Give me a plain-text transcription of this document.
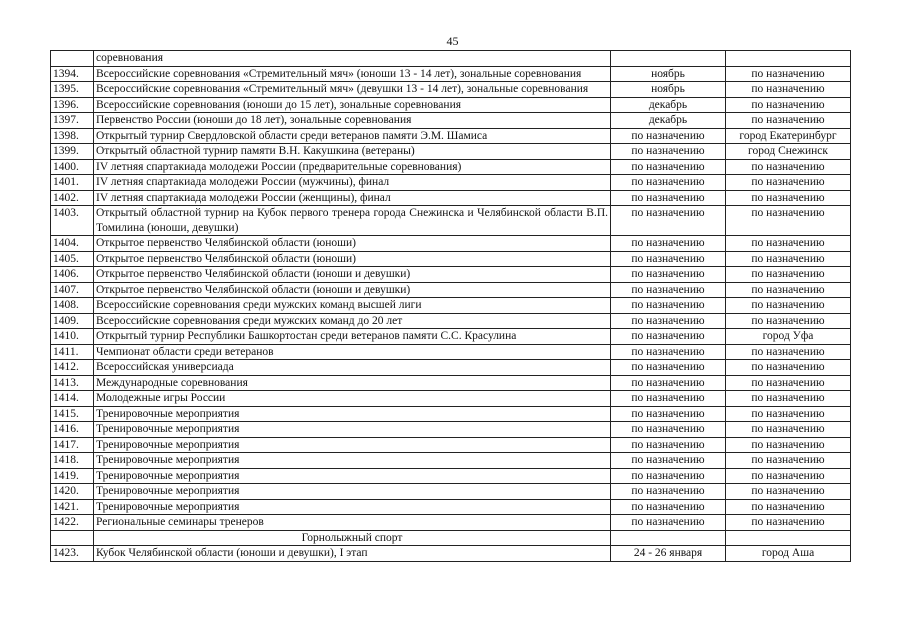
45
	соревнования		
1394.	Всероссийские соревнования «Стремительный мяч» (юноши 13 - 14 лет), зональные соревнования	ноябрь	по назначению
1395.	Всероссийские соревнования «Стремительный мяч» (девушки 13 - 14 лет), зональные соревнования	ноябрь	по назначению
1396.	Всероссийские соревнования (юноши до 15 лет), зональные соревнования	декабрь	по назначению
1397.	Первенство России (юноши до 18 лет), зональные соревнования	декабрь	по назначению
1398.	Открытый турнир Свердловской области среди ветеранов памяти Э.М. Шамиса	по назначению	город Екатеринбург
1399.	Открытый областной турнир памяти В.Н. Какушкина (ветераны)	по назначению	город Снежинск
1400.	IV летняя спартакиада молодежи России (предварительные соревнования)	по назначению	по назначению
1401.	IV летняя спартакиада молодежи России (мужчины), финал	по назначению	по назначению
1402.	IV летняя спартакиада молодежи России (женщины), финал	по назначению	по назначению
1403.	Открытый областной турнир на Кубок первого тренера города Снежинска и Челябинской области В.П. Томилина (юноши, девушки)	по назначению	по назначению
1404.	Открытое первенство Челябинской области (юноши)	по назначению	по назначению
1405.	Открытое первенство Челябинской области (юноши)	по назначению	по назначению
1406.	Открытое первенство Челябинской области (юноши и девушки)	по назначению	по назначению
1407.	Открытое первенство Челябинской области (юноши и девушки)	по назначению	по назначению
1408.	Всероссийские соревнования среди мужских команд высшей лиги	по назначению	по назначению
1409.	Всероссийские соревнования среди мужских команд до 20 лет	по назначению	по назначению
1410.	Открытый турнир Республики Башкортостан среди ветеранов памяти С.С. Красулина	по назначению	город Уфа
1411.	Чемпионат области среди ветеранов	по назначению	по назначению
1412.	Всероссийская универсиада	по назначению	по назначению
1413.	Международные соревнования	по назначению	по назначению
1414.	Молодежные игры России	по назначению	по назначению
1415.	Тренировочные мероприятия	по назначению	по назначению
1416.	Тренировочные мероприятия	по назначению	по назначению
1417.	Тренировочные мероприятия	по назначению	по назначению
1418.	Тренировочные мероприятия	по назначению	по назначению
1419.	Тренировочные мероприятия	по назначению	по назначению
1420.	Тренировочные мероприятия	по назначению	по назначению
1421.	Тренировочные мероприятия	по назначению	по назначению
1422.	Региональные семинары тренеров	по назначению	по назначению
	Горнолыжный спорт		
1423.	Кубок Челябинской области (юноши и девушки), I этап	24 - 26 января	город Аша
